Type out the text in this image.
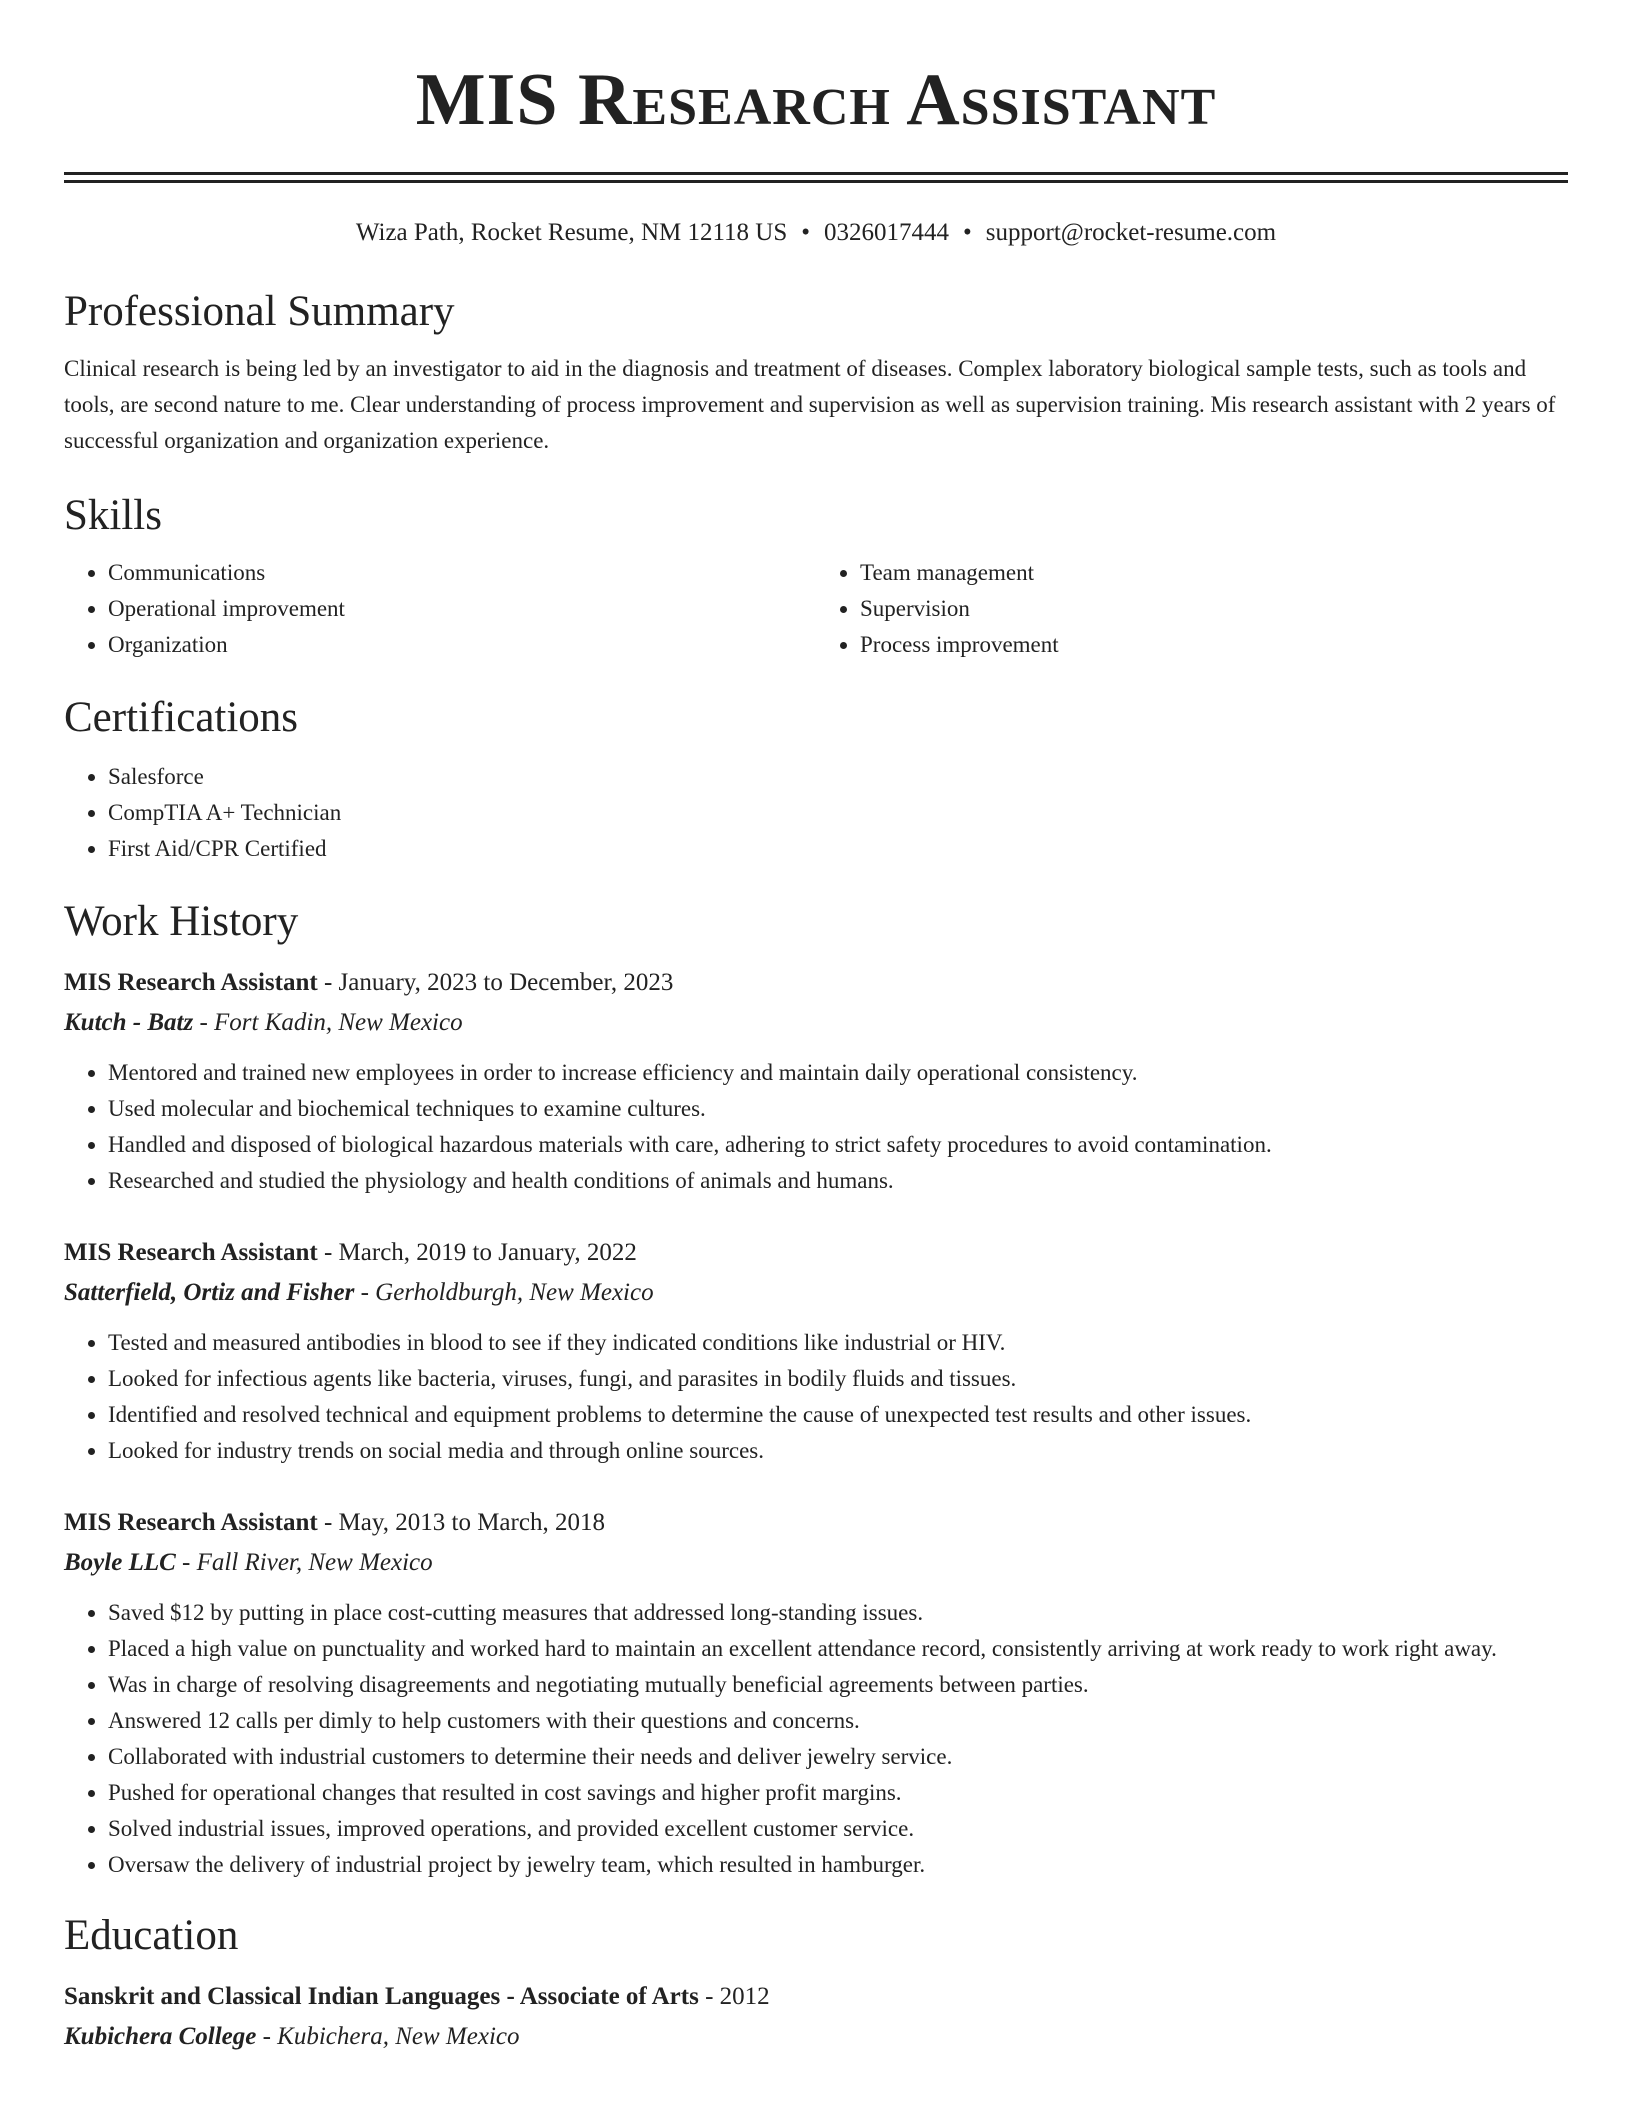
MIS Research Assistant
Wiza Path, Rocket Resume, NM 12118 US • 0326017444 • support@rocket-resume.com
Professional Summary

Clinical research is being led by an investigator to aid in the diagnosis and treatment of diseases. Complex laboratory biological sample tests, such as tools and tools, are second nature to me. Clear understanding of process improvement and supervision as well as supervision training. Mis research assistant with 2 years of successful organization and organization experience.

Skills
• Communications
• Operational improvement
• Organization
• Team management
• Supervision
• Process improvement
Certifications
• Salesforce
• CompTIA A+ Technician
• First Aid/CPR Certified
Work History
MIS Research Assistant - January, 2023 to December, 2023
Kutch - Batz - Fort Kadin, New Mexico
• Mentored and trained new employees in order to increase efficiency and maintain daily operational consistency.
• Used molecular and biochemical techniques to examine cultures.
• Handled and disposed of biological hazardous materials with care, adhering to strict safety procedures to avoid contamination.
• Researched and studied the physiology and health conditions of animals and humans.
MIS Research Assistant - March, 2019 to January, 2022
Satterfield, Ortiz and Fisher - Gerholdburgh, New Mexico
• Tested and measured antibodies in blood to see if they indicated conditions like industrial or HIV.
• Looked for infectious agents like bacteria, viruses, fungi, and parasites in bodily fluids and tissues.
• Identified and resolved technical and equipment problems to determine the cause of unexpected test results and other issues.
• Looked for industry trends on social media and through online sources.
MIS Research Assistant - May, 2013 to March, 2018
Boyle LLC - Fall River, New Mexico
• Saved $12 by putting in place cost-cutting measures that addressed long-standing issues.
• Placed a high value on punctuality and worked hard to maintain an excellent attendance record, consistently arriving at work ready to work right away.
• Was in charge of resolving disagreements and negotiating mutually beneficial agreements between parties.
• Answered 12 calls per dimly to help customers with their questions and concerns.
• Collaborated with industrial customers to determine their needs and deliver jewelry service.
• Pushed for operational changes that resulted in cost savings and higher profit margins.
• Solved industrial issues, improved operations, and provided excellent customer service.
• Oversaw the delivery of industrial project by jewelry team, which resulted in hamburger.
Education
Sanskrit and Classical Indian Languages - Associate of Arts - 2012
Kubichera College - Kubichera, New Mexico
